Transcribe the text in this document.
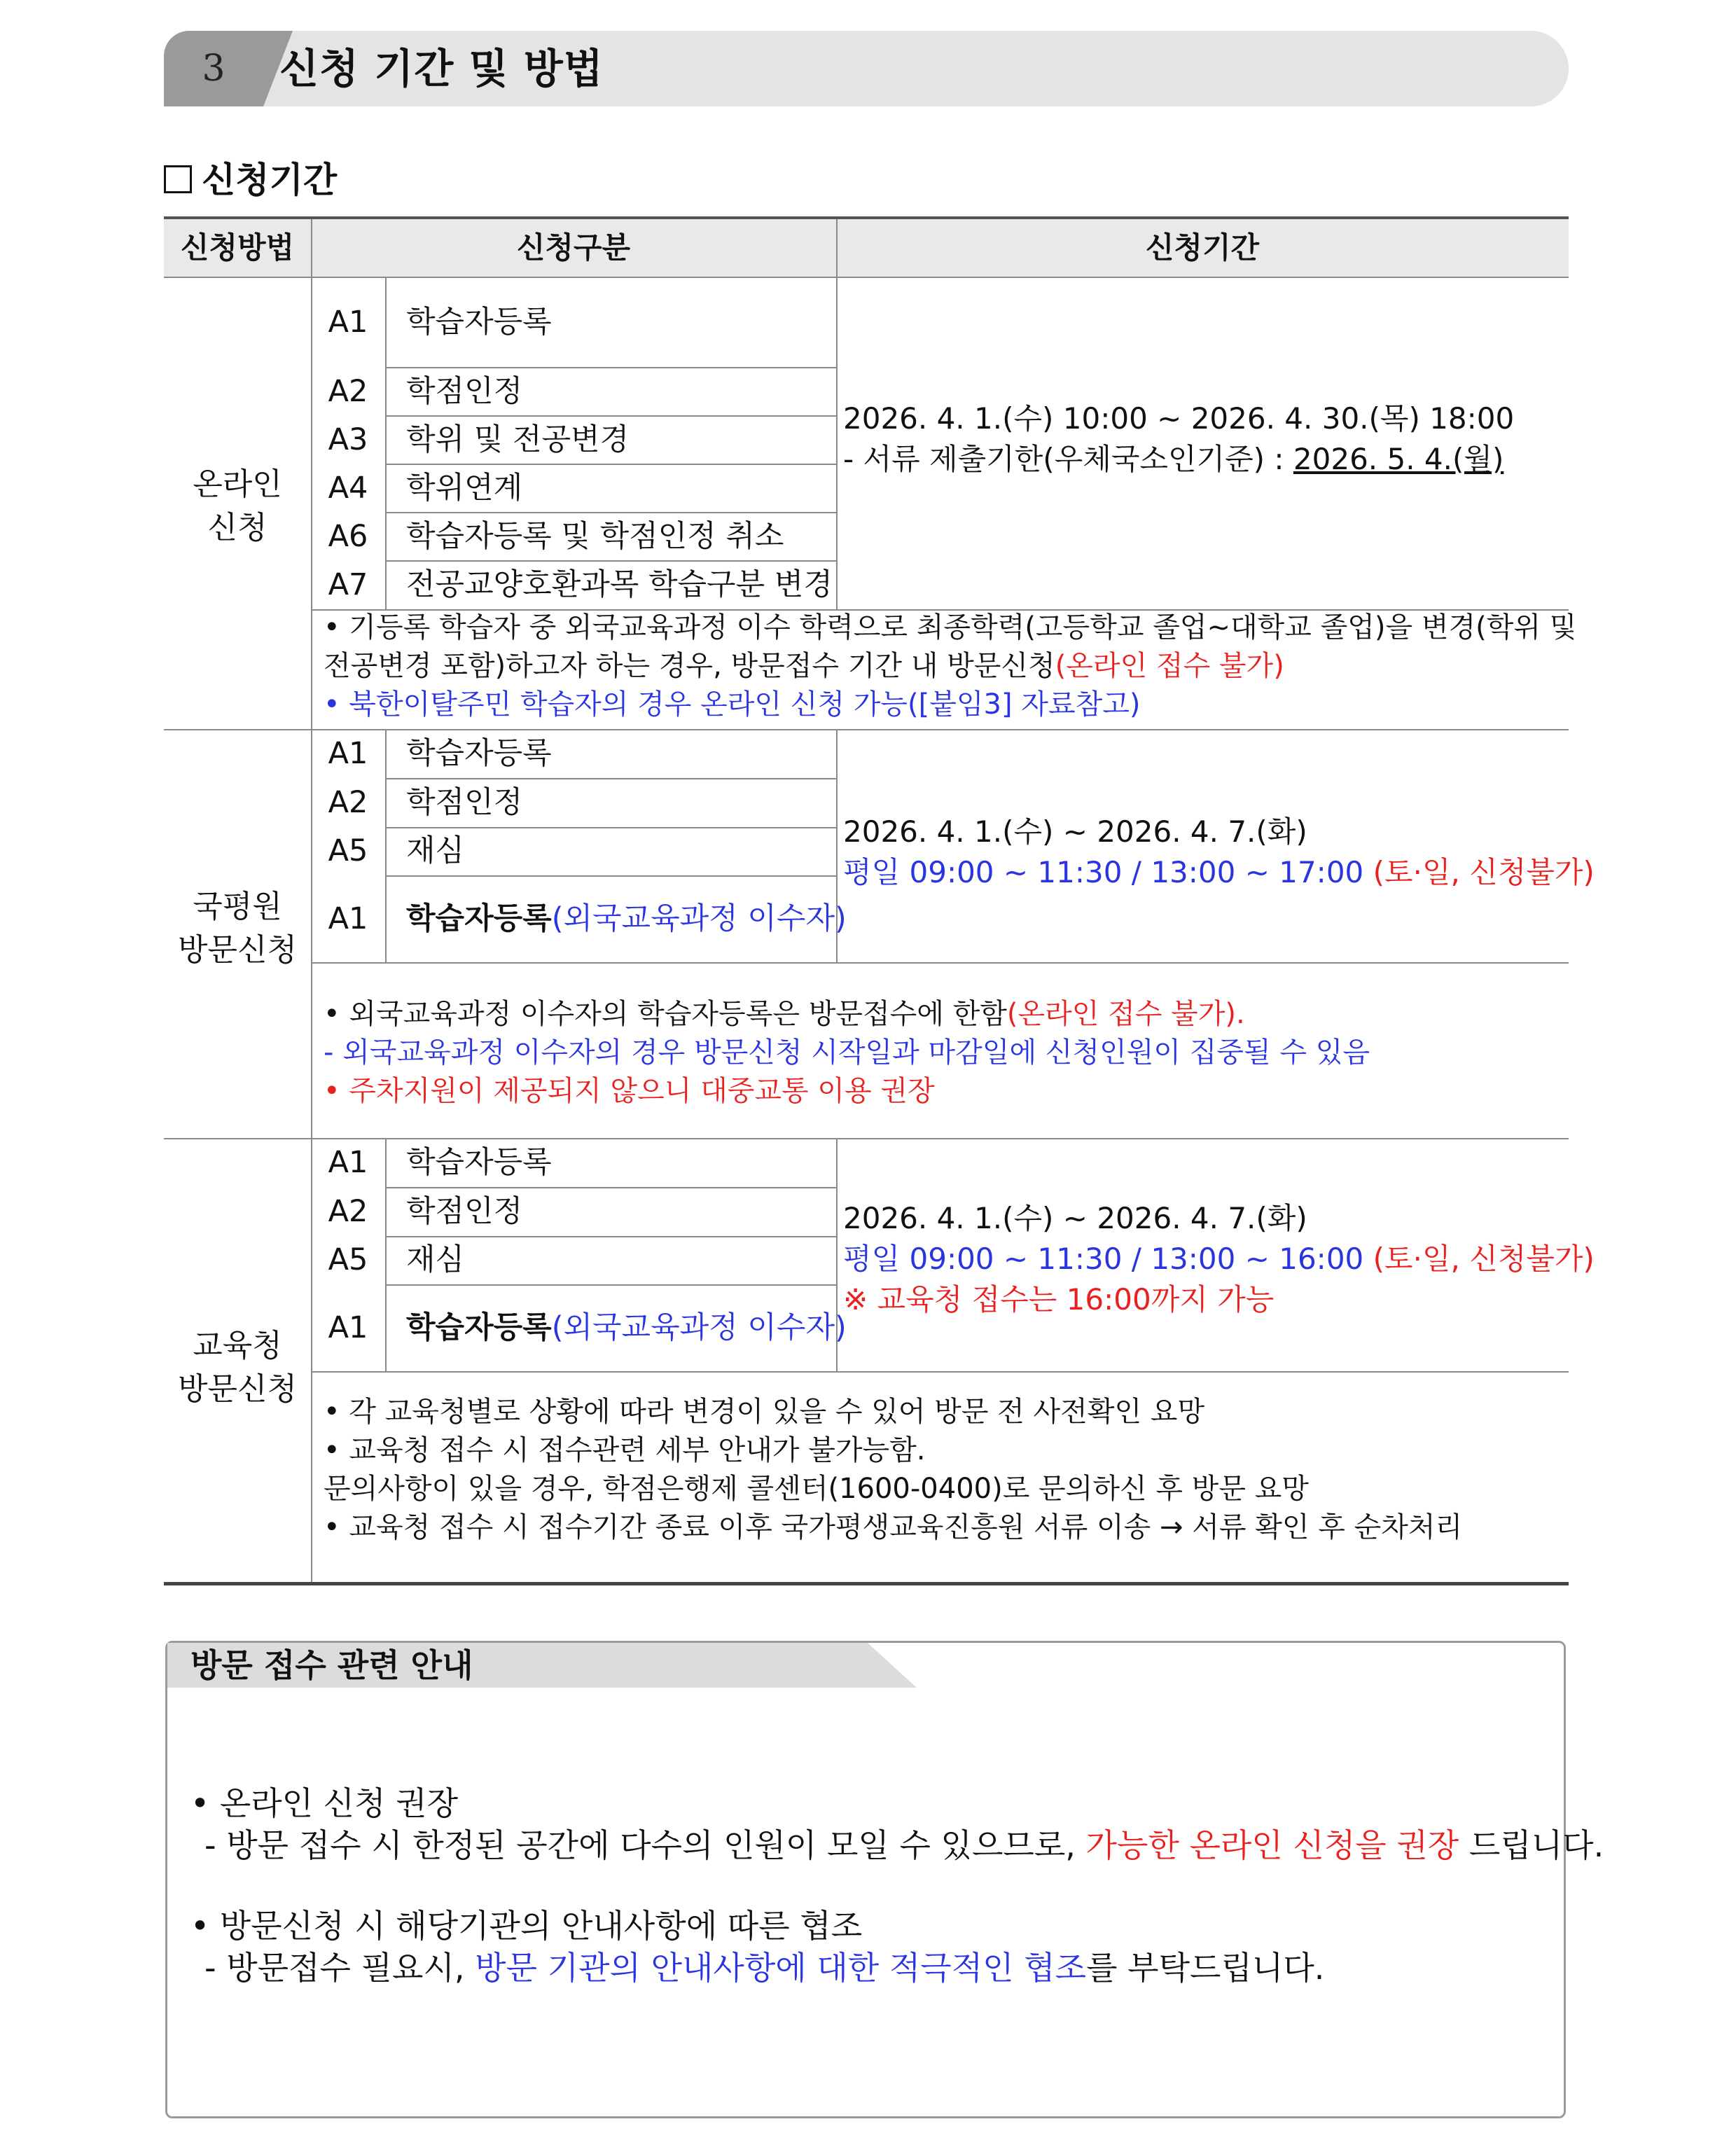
3	신청 기간 및 방법
신청기간
신청방법	신청구분	신청기간
온라인
신청
A1	학습자등록
A2	학점인정
A3	학위 및 전공변경
A4	학위연계
A6	학습자등록 및 학점인정 취소
A7	전공교양호환과목 학습구분 변경
2026. 4. 1.(수) 10:00 ~ 2026. 4. 30.(목) 18:00
- 서류 제출기한(우체국소인기준) : 2026. 5. 4.(월)
• 기등록 학습자 중 외국교육과정 이수 학력으로 최종학력(고등학교 졸업~대학교 졸업)을 변경(학위 및
전공변경 포함)하고자 하는 경우, 방문접수 기간 내 방문신청(온라인 접수 불가)
• 북한이탈주민 학습자의 경우 온라인 신청 가능([붙임3] 자료참고)
국평원
방문신청
A1	학습자등록
A2	학점인정
A5	재심
A1	학습자등록(외국교육과정 이수자)
2026. 4. 1.(수) ~ 2026. 4. 7.(화)
평일 09:00 ~ 11:30 / 13:00 ~ 17:00 (토·일, 신청불가)
• 외국교육과정 이수자의 학습자등록은 방문접수에 한함(온라인 접수 불가).
- 외국교육과정 이수자의 경우 방문신청 시작일과 마감일에 신청인원이 집중될 수 있음
• 주차지원이 제공되지 않으니 대중교통 이용 권장
교육청
방문신청
A1	학습자등록
A2	학점인정
A5	재심
A1	학습자등록(외국교육과정 이수자)
2026. 4. 1.(수) ~ 2026. 4. 7.(화)
평일 09:00 ~ 11:30 / 13:00 ~ 16:00 (토·일, 신청불가)
※ 교육청 접수는 16:00까지 가능
• 각 교육청별로 상황에 따라 변경이 있을 수 있어 방문 전 사전확인 요망
• 교육청 접수 시 접수관련 세부 안내가 불가능함.
문의사항이 있을 경우, 학점은행제 콜센터(1600-0400)로 문의하신 후 방문 요망
• 교육청 접수 시 접수기간 종료 이후 국가평생교육진흥원 서류 이송 → 서류 확인 후 순차처리
방문 접수 관련 안내
• 온라인 신청 권장
- 방문 접수 시 한정된 공간에 다수의 인원이 모일 수 있으므로, 가능한 온라인 신청을 권장 드립니다.
• 방문신청 시 해당기관의 안내사항에 따른 협조
- 방문접수 필요시, 방문 기관의 안내사항에 대한 적극적인 협조를 부탁드립니다.
